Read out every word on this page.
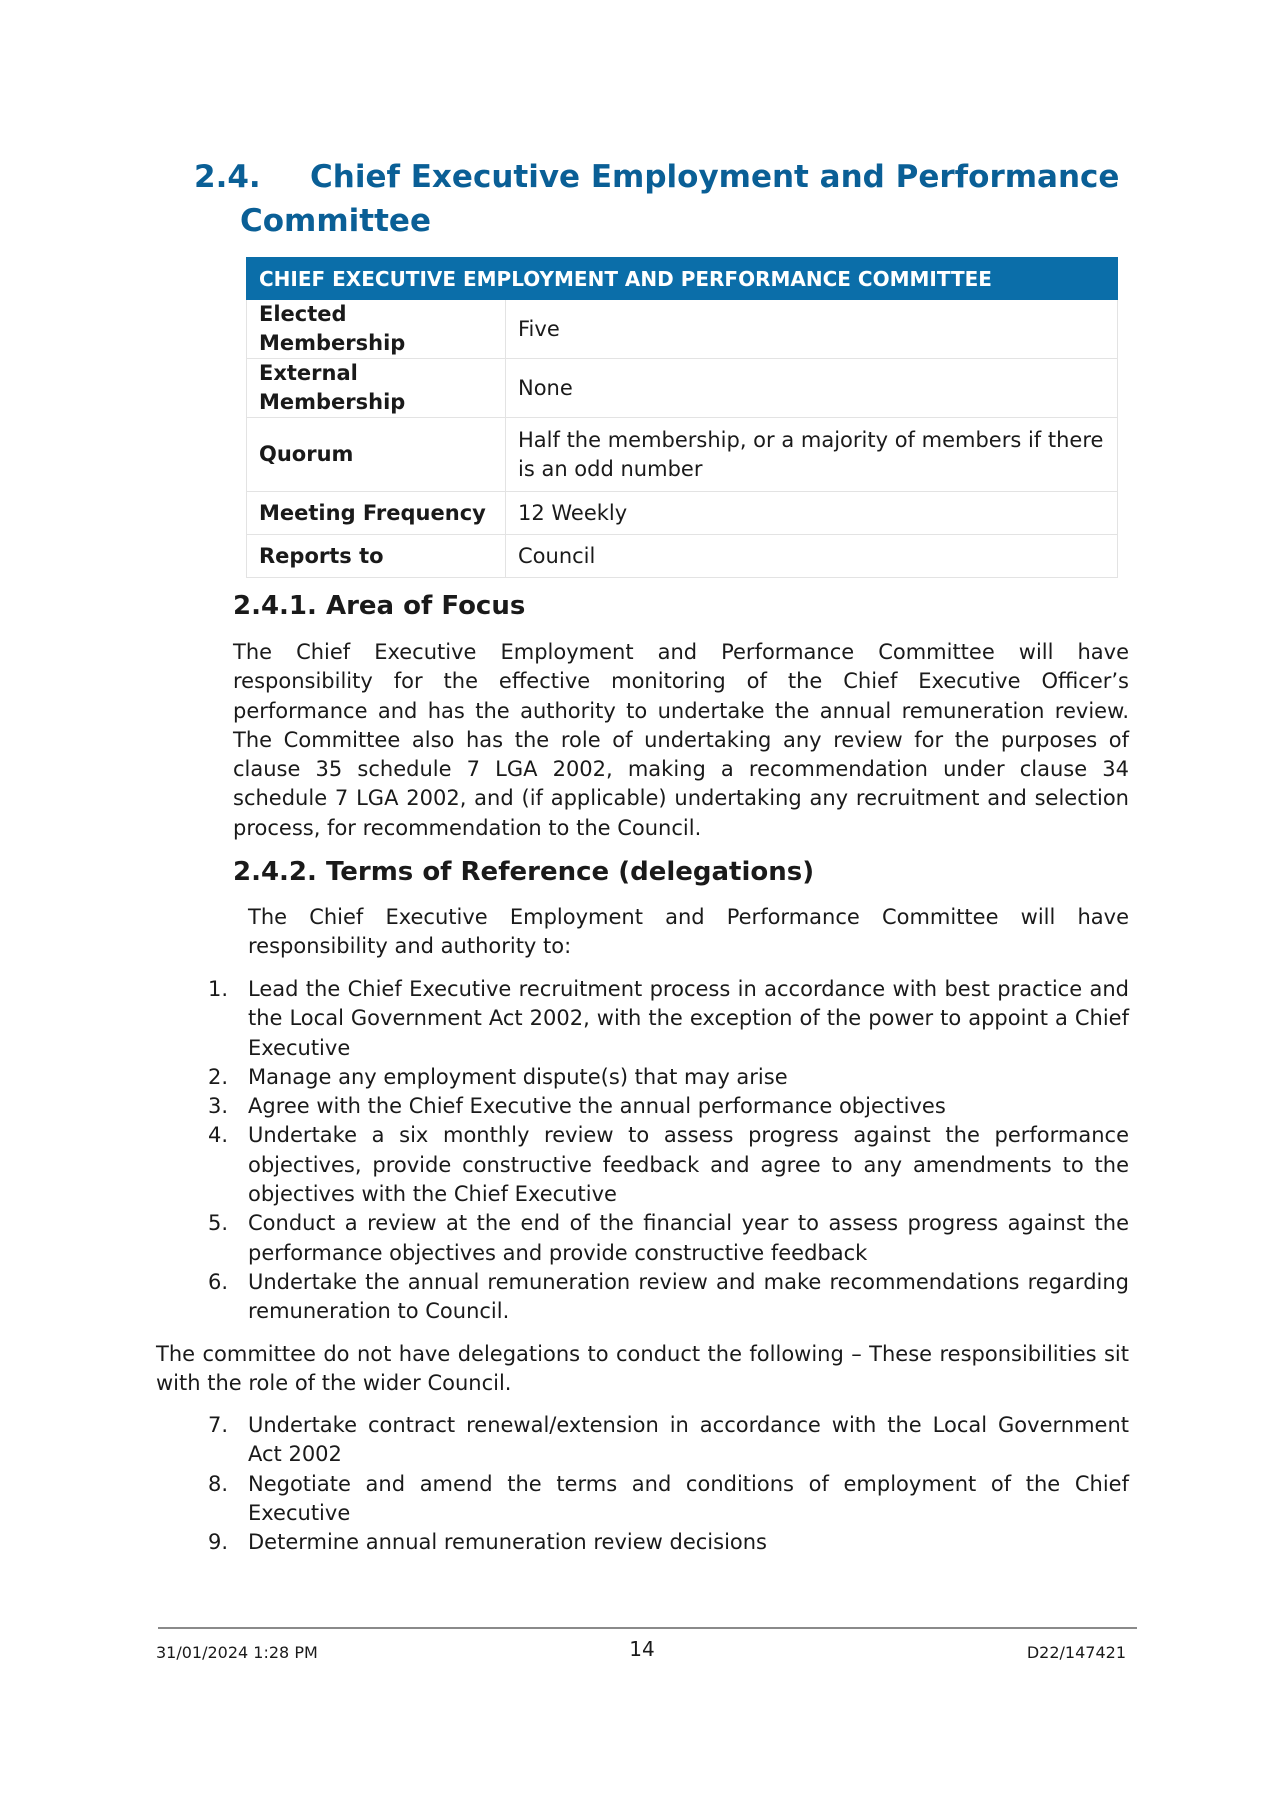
2.4. Chief Executive Employment and Performance
Committee
CHIEF EXECUTIVE EMPLOYMENT AND PERFORMANCE COMMITTEE	
Elected Membership	Five
External Membership	None
Quorum	Half the membership, or a majority of members if there is an odd number
Meeting Frequency	12 Weekly
Reports to	Council
2.4.1. Area of Focus

The Chief Executive Employment and Performance Committee will have responsibility for the effective monitoring of the Chief Executive Officer’s performance and has the authority to undertake the annual remuneration review. The Committee also has the role of undertaking any review for the purposes of clause 35 schedule 7 LGA 2002, making a recommendation under clause 34 schedule 7 LGA 2002, and (if applicable) undertaking any recruitment and selection process, for recommendation to the Council.

2.4.2. Terms of Reference (delegations)

The Chief Executive Employment and Performance Committee will have responsibility and authority to:

1. Lead the Chief Executive recruitment process in accordance with best practice and the Local Government Act 2002, with the exception of the power to appoint a Chief Executive
2. Manage any employment dispute(s) that may arise
3. Agree with the Chief Executive the annual performance objectives
4. Undertake a six monthly review to assess progress against the performance objectives, provide constructive feedback and agree to any amendments to the objectives with the Chief Executive
5. Conduct a review at the end of the financial year to assess progress against the performance objectives and provide constructive feedback
6. Undertake the annual remuneration review and make recommendations regarding remuneration to Council.

The committee do not have delegations to conduct the following – These responsibilities sit with the role of the wider Council.

7. Undertake contract renewal/extension in accordance with the Local Government Act 2002
8. Negotiate and amend the terms and conditions of employment of the Chief Executive
9. Determine annual remuneration review decisions
31/01/2024 1:28 PM	14	D22/147421
